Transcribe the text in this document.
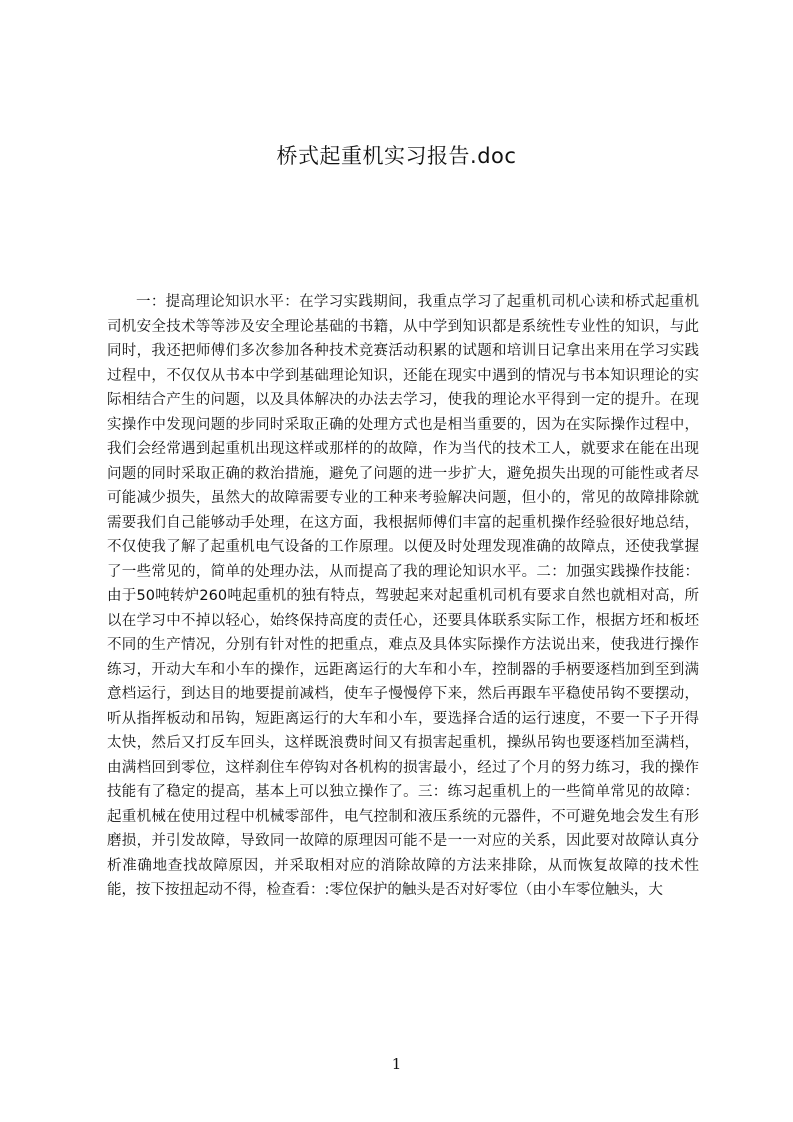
桥式起重机实习报告.doc

一：提高理论知识水平：在学习实践期间，我重点学习了起重机司机心读和桥式起重机司机安全技术等等涉及安全理论基础的书籍，从中学到知识都是系统性专业性的知识，与此同时，我还把师傅们多次参加各种技术竞赛活动积累的试题和培训日记拿出来用在学习实践过程中，不仅仅从书本中学到基础理论知识，还能在现实中遇到的情况与书本知识理论的实际相结合产生的问题，以及具体解决的办法去学习，使我的理论水平得到一定的提升。在现实操作中发现问题的步同时采取正确的处理方式也是相当重要的，因为在实际操作过程中，我们会经常遇到起重机出现这样或那样的的故障，作为当代的技术工人，就要求在能在出现问题的同时采取正确的救治措施，避免了问题的进一步扩大，避免损失出现的可能性或者尽可能减少损失，虽然大的故障需要专业的工种来考验解决问题，但小的，常见的故障排除就需要我们自己能够动手处理，在这方面，我根据师傅们丰富的起重机操作经验很好地总结，不仅使我了解了起重机电气设备的工作原理。以便及时处理发现准确的故障点，还使我掌握了一些常见的，简单的处理办法，从而提高了我的理论知识水平。二：加强实践操作技能：由于50吨转炉260吨起重机的独有特点，驾驶起来对起重机司机有要求自然也就相对高，所以在学习中不掉以轻心，始终保持高度的责任心，还要具体联系实际工作，根据方坯和板坯不同的生产情况，分别有针对性的把重点，难点及具体实际操作方法说出来，使我进行操作练习，开动大车和小车的操作，远距离运行的大车和小车，控制器的手柄要逐档加到至到满意档运行，到达目的地要提前减档，使车子慢慢停下来，然后再跟车平稳使吊钩不要摆动，听从指挥板动和吊钩，短距离运行的大车和小车，要选择合适的运行速度，不要一下子开得太快，然后又打反车回头，这样既浪费时间又有损害起重机，操纵吊钩也要逐档加至满档，由满档回到零位，这样刹住车停钩对各机构的损害最小，经过了个月的努力练习，我的操作技能有了稳定的提高，基本上可以独立操作了。三：练习起重机上的一些简单常见的故障：起重机械在使用过程中机械零部件，电气控制和液压系统的元器件，不可避免地会发生有形磨损，并引发故障，导致同一故障的原理因可能不是一一对应的关系，因此要对故障认真分析准确地查找故障原因，并采取相对应的消除故障的方法来排除，从而恢复故障的技术性能，按下按扭起动不得，检查看：:零位保护的触头是否对好零位（由小车零位触头，大

1
